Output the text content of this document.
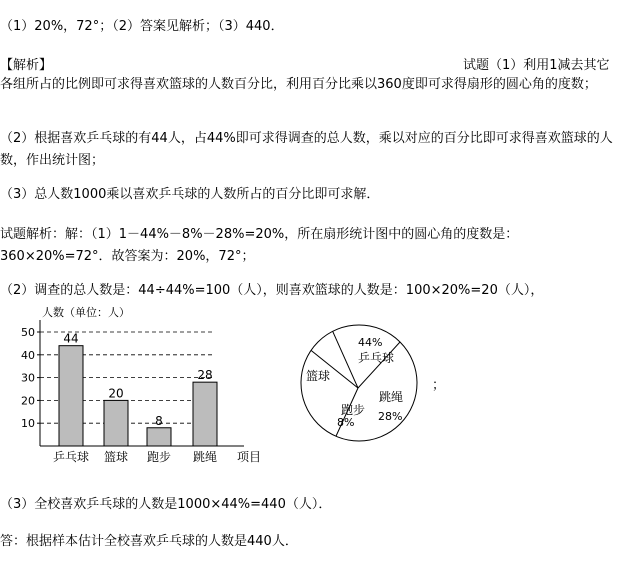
（1）20%，72°；（2）答案见解析；（3）440．
【解析】	试题（1）利用1减去其它
各组所占的比例即可求得喜欢篮球的人数百分比，利用百分比乘以360度即可求得扇形的圆心角的度数；
（2）根据喜欢乒乓球的有44人，占44%即可求得调查的总人数，乘以对应的百分比即可求得喜欢篮球的人数，作出统计图；
（3）总人数1000乘以喜欢乒乓球的人数所占的百分比即可求解．
试题解析：解：（1）1－44%－8%－28%=20%，所在扇形统计图中的圆心角的度数是：360×20%=72°．故答案为：20%，72°；
（2）调查的总人数是：44÷44%=100（人），则喜欢篮球的人数是：100×20%=20（人），
人数（单位：人）
项目
10
20
30
40
50 44
乒乓球
20
篮球
8
跑步
28
跳绳
乒乓球
44%
跳绳
28%
跑步
8%
篮球
；
（3）全校喜欢乒乓球的人数是1000×44%=440（人）．
答：根据样本估计全校喜欢乒乓球的人数是440人．
